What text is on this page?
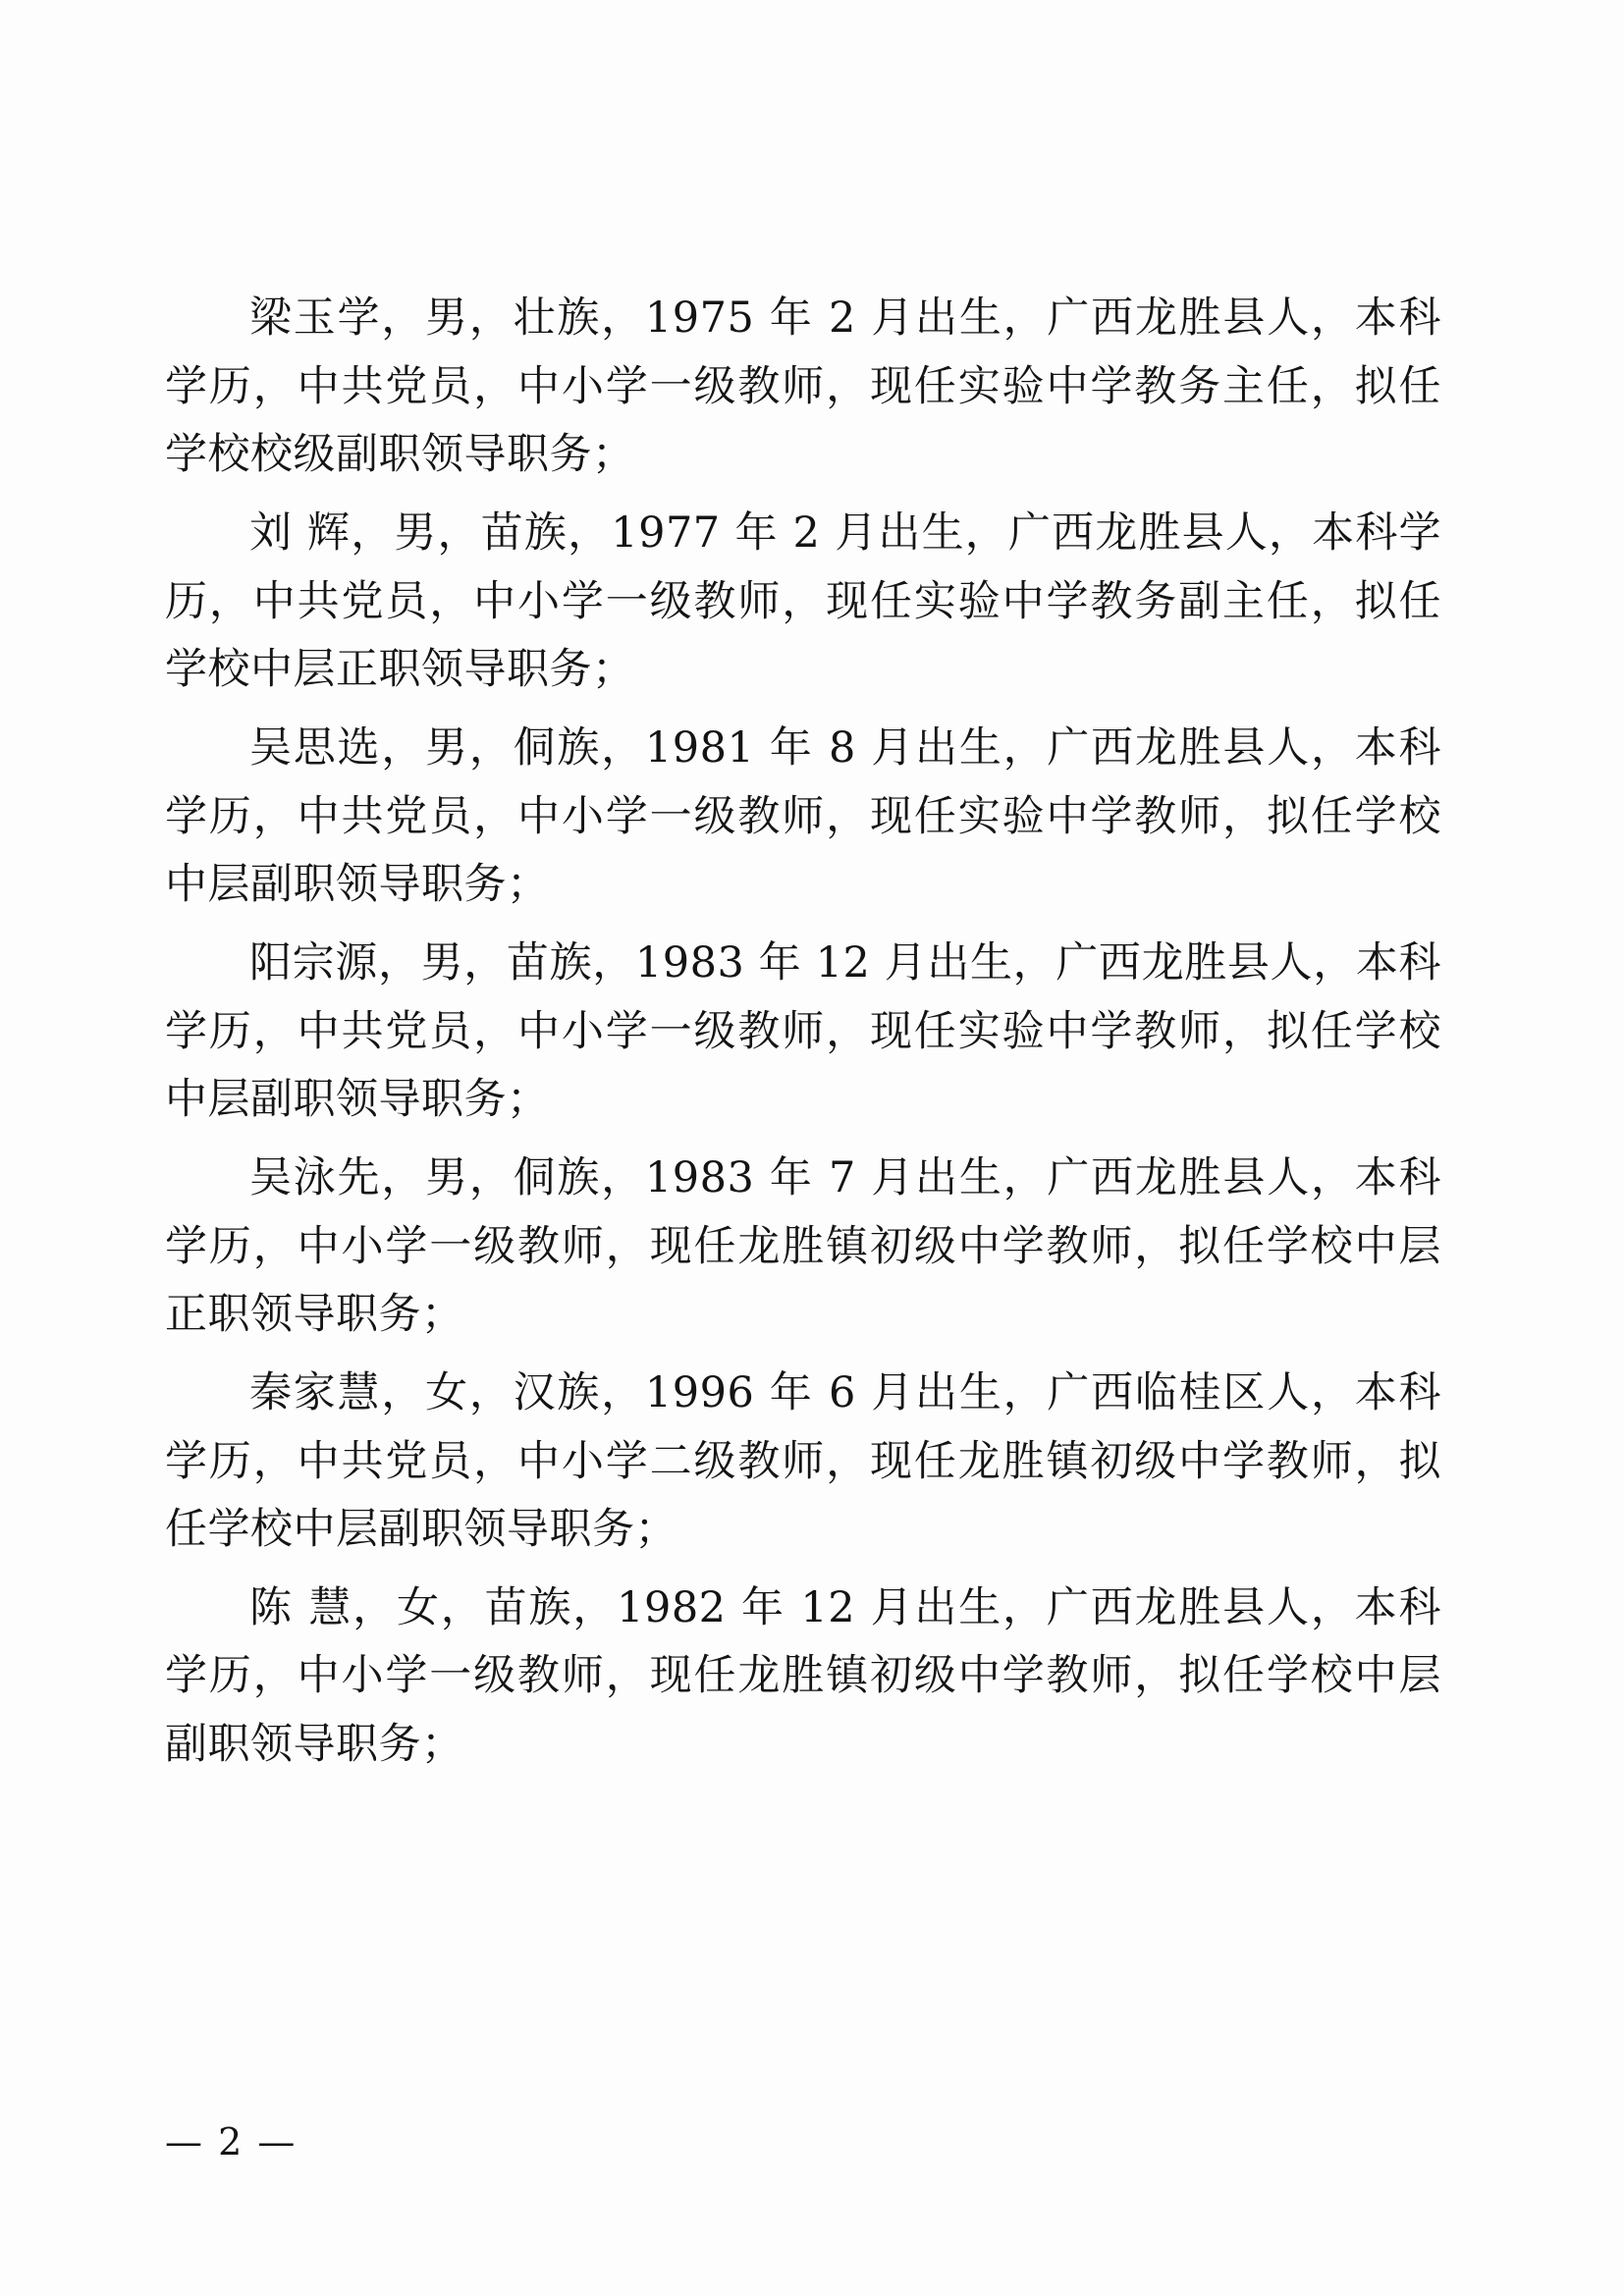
梁玉学，男，壮族，1975 年 2 月出生，广西龙胜县人，本科学历，中共党员，中小学一级教师，现任实验中学教务主任，拟任学校校级副职领导职务；

刘 辉，男，苗族，1977 年 2 月出生，广西龙胜县人，本科学历，中共党员，中小学一级教师，现任实验中学教务副主任，拟任学校中层正职领导职务；

吴思选，男，侗族，1981 年 8 月出生，广西龙胜县人，本科学历，中共党员，中小学一级教师，现任实验中学教师，拟任学校中层副职领导职务；

阳宗源，男，苗族，1983 年 12 月出生，广西龙胜县人，本科学历，中共党员，中小学一级教师，现任实验中学教师，拟任学校中层副职领导职务；

吴泳先，男，侗族，1983 年 7 月出生，广西龙胜县人，本科学历，中小学一级教师，现任龙胜镇初级中学教师，拟任学校中层正职领导职务；

秦家慧，女，汉族，1996 年 6 月出生，广西临桂区人，本科学历，中共党员，中小学二级教师，现任龙胜镇初级中学教师，拟任学校中层副职领导职务；

陈 慧，女，苗族，1982 年 12 月出生，广西龙胜县人，本科学历，中小学一级教师，现任龙胜镇初级中学教师，拟任学校中层副职领导职务；

— 2 —
